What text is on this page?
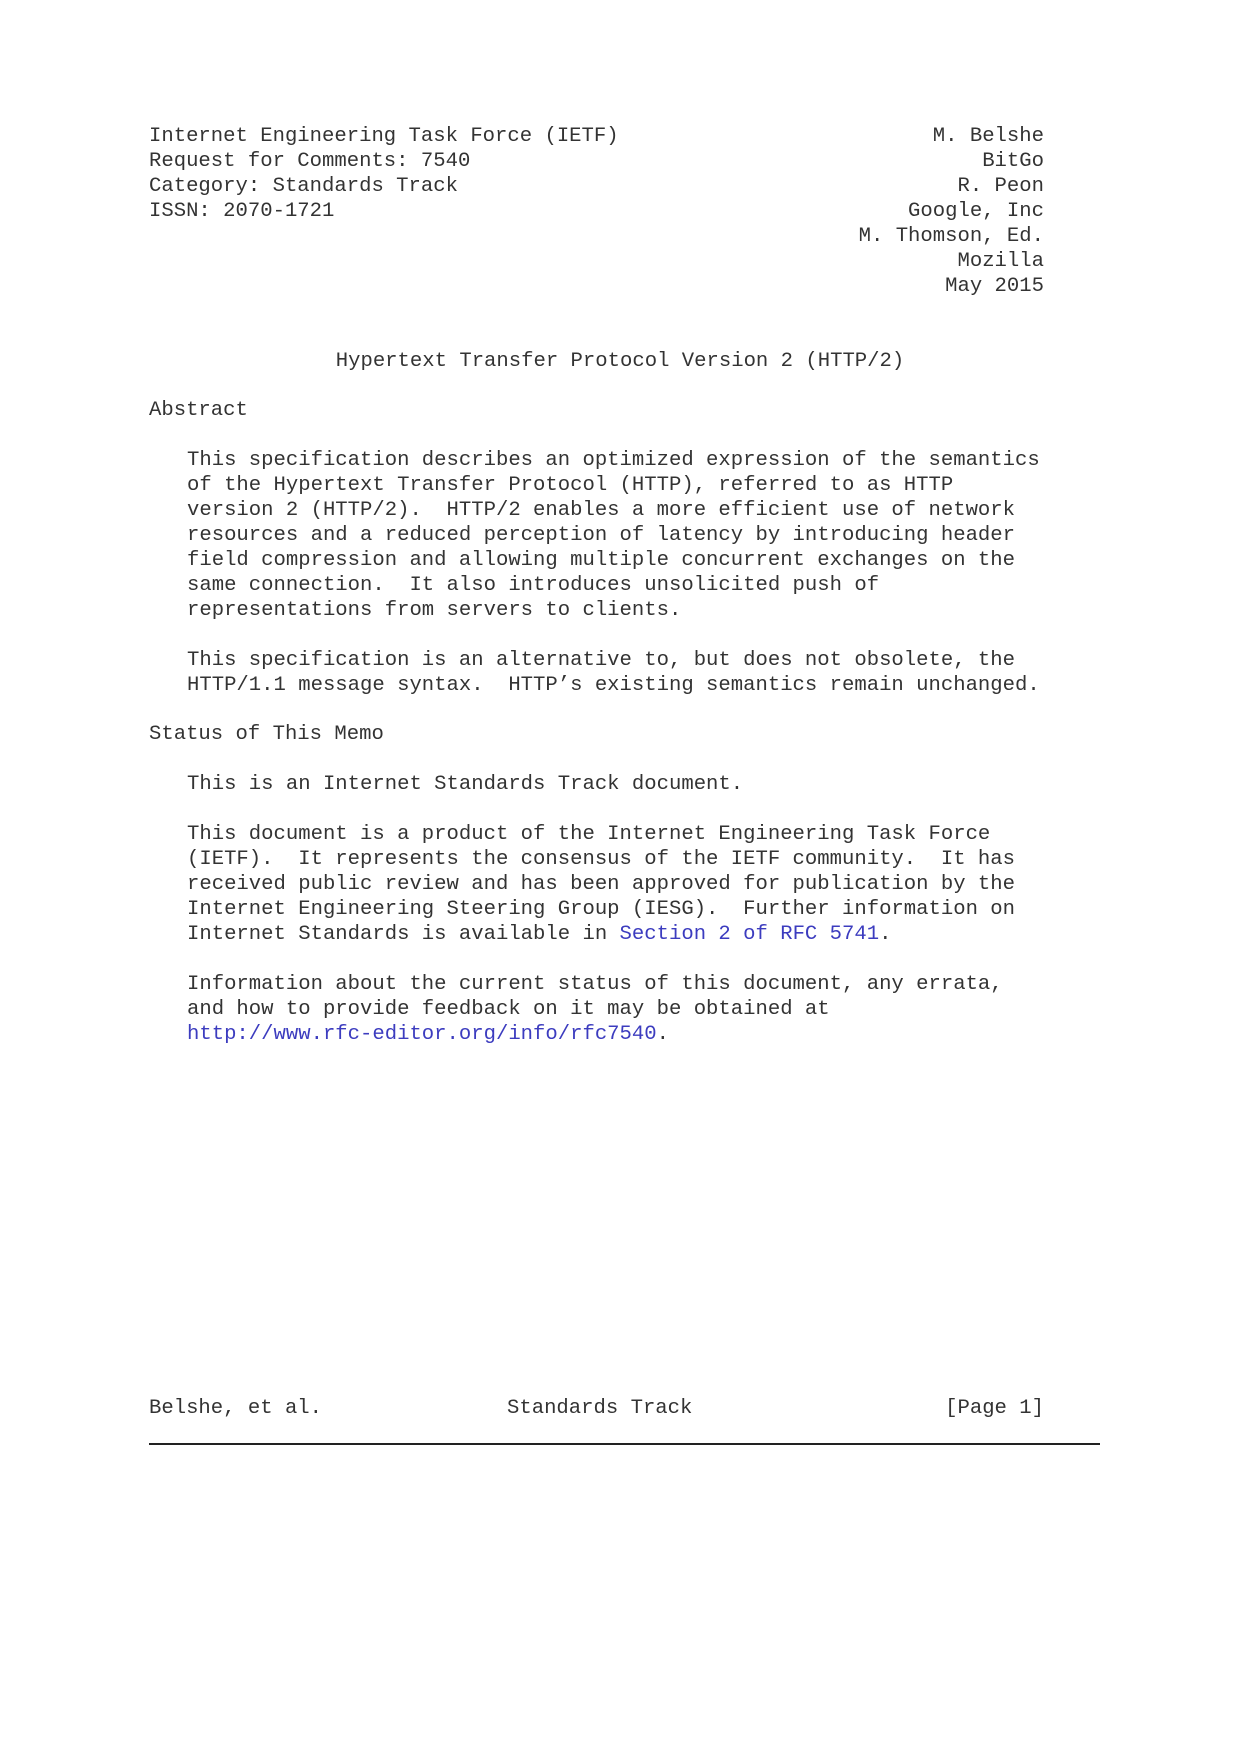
Internet Engineering Task Force (IETF)
Request for Comments: 7540
Category: Standards Track
ISSN: 2070-1721
M. Belshe
BitGo
R. Peon
Google, Inc
M. Thomson, Ed.
Mozilla
May 2015
Hypertext Transfer Protocol Version 2 (HTTP/2)
Abstract
This specification describes an optimized expression of the semantics
of the Hypertext Transfer Protocol (HTTP), referred to as HTTP
version 2 (HTTP/2).  HTTP/2 enables a more efficient use of network
resources and a reduced perception of latency by introducing header
field compression and allowing multiple concurrent exchanges on the
same connection.  It also introduces unsolicited push of
representations from servers to clients.
This specification is an alternative to, but does not obsolete, the
HTTP/1.1 message syntax.  HTTP’s existing semantics remain unchanged.
Status of This Memo
This is an Internet Standards Track document.
This document is a product of the Internet Engineering Task Force
(IETF).  It represents the consensus of the IETF community.  It has
received public review and has been approved for publication by the
Internet Engineering Steering Group (IESG).  Further information on
Internet Standards is available in Section 2 of RFC 5741.
Information about the current status of this document, any errata,
and how to provide feedback on it may be obtained at
http://www.rfc-editor.org/info/rfc7540.
Belshe, et al.	Standards Track	[Page 1]
